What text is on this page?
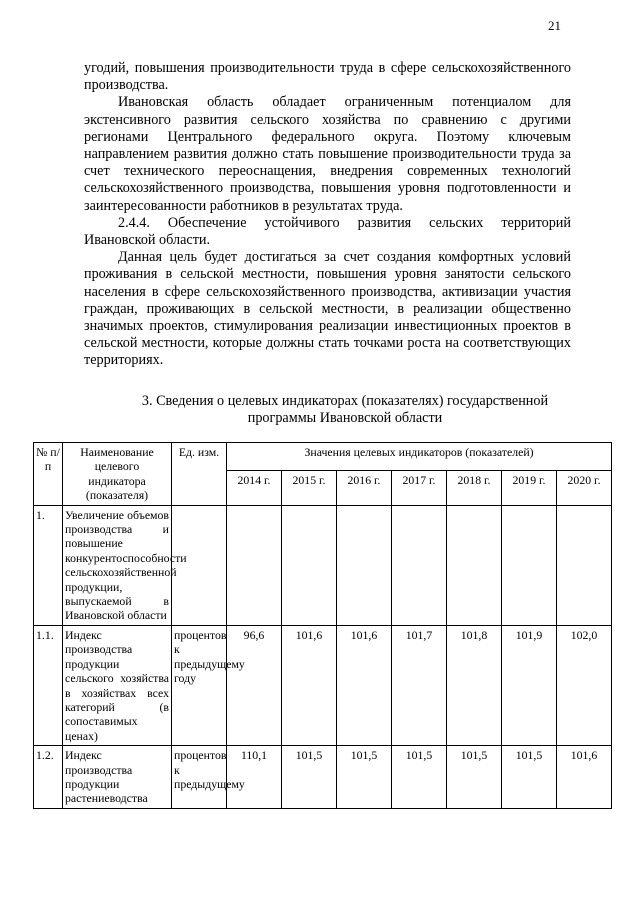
21

угодий, повышения производительности труда в сфере сельскохозяйственного производства.

Ивановская область обладает ограниченным потенциалом для экстенсивного развития сельского хозяйства по сравнению с другими регионами Центрального федерального округа. Поэтому ключевым направлением развития должно стать повышение производительности труда за счет технического переоснащения, внедрения современных технологий сельскохозяйственного производства, повышения уровня подготовленности и заинтересованности работников в результатах труда.

2.4.4. Обеспечение устойчивого развития сельских территорий Ивановской области.

Данная цель будет достигаться за счет создания комфортных условий проживания в сельской местности, повышения уровня занятости сельского населения в сфере сельскохозяйственного производства, активизации участия граждан, проживающих в сельской местности, в реализации общественно значимых проектов, стимулирования реализации инвестиционных проектов в сельской местности, которые должны стать точками роста на соответствующих территориях.

3. Сведения о целевых индикаторах (показателях) государственной программы Ивановской области
№ п/п	Наименование целевого индикатора (показателя)	Ед. изм.	Значения целевых индикаторов (показателей)						
			2014 г.	2015 г.	2016 г.	2017 г.	2018 г.	2019 г.	2020 г.
1.	Увеличение объемов производства и повышение конкурентоспособности сельскохозяйственной продукции, выпускаемой в Ивановской области								
1.1.	Индекс производства продукции сельского хозяйства в хозяйствах всех категорий (в сопоставимых ценах)	процентов к предыдущему году	96,6	101,6	101,6	101,7	101,8	101,9	102,0
1.2.	Индекс производства продукции растениеводства	процентов к предыдущему	110,1	101,5	101,5	101,5	101,5	101,5	101,6
